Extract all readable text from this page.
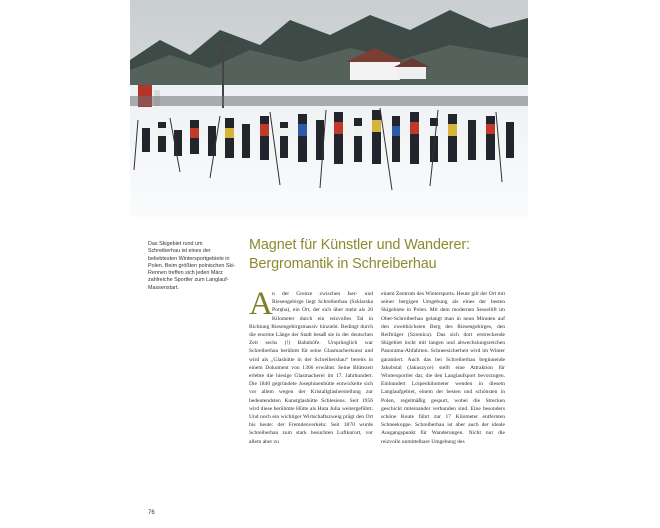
Das Skigebiet rund um Schreiberhau ist eines der beliebtesten Wintersportgebiete in Polen. Beim größten polnischen Ski-Rennen treffen sich jeden März zahlreiche Sportler zum Langlauf-Massenstart.
Magnet für Künstler und Wanderer:
Bergromantik in Schreiberhau
A n der Grenze zwischen Iser- und Riesengebirge liegt Schreiberhau (Szklarska Poręba), ein Ort, der sich über mehr als 20 Kilometer durch ein reizvolles Tal in Richtung Riesengebirgsmassiv hinzieht. Bedingt durch die enorme Länge der Stadt besaß sie in der deutschen Zeit sechs (!) Bahnhöfe. Ursprünglich war Schreiberhau berühmt für seine Glasmacherkunst und wird als „Glashütte in der Schreibershau“ bereits in einem Dokument von 1366 erwähnt. Seine Blütezeit erlebte die hiesige Glasmacherei im 17. Jahrhundert. Die 1840 gegründete Josephinenhütte entwickelte sich vor allem wegen der Kristallglasherstellung zur bedeutendsten Kunstglashütte Schlesiens. Seit 1956 wird diese berühmte Hütte als Huta Julia weitergeführt. Und noch ein wichtiger Wirtschaftszweig prägt den Ort bis heute: der Fremdenverkehr. Seit 1870 wurde Schreiberhau zum stark besuchten Luftkurort, vor allem aber zu
einem Zentrum des Wintersports. Heute gilt der Ort mit seiner bergigen Umgebung als eines der besten Skigebiete in Polen. Mit dem modernen Sessellift im Ober-Schreiberhau gelangt man in neun Minuten auf den zweithöchsten Berg des Riesengebirges, den Reifträger (Szrenica). Das sich dort erstreckende Skigebiet lockt mit langen und abwechslungsreichen Panorama-Abfahrten. Schneesicherheit wird im Winter garantiert. Auch das bei Schreiberhau beginnende Jakobstal (Jakuszyce) stellt eine Attraktion für Wintersportler dar, die den Langlaufsport bevorzugen. Einhundert Loipenkilometer wenden in diesem Langlaufgebiet, einem der besten und schönsten in Polen, regelmäßig gespurt, wobei die Strecken geschickt miteinander verbunden sind. Eine besonders schöne Route führt zur 17 Kilometer entfernten Schneekoppe. Schreiberhau ist aber auch der ideale Ausgangspunkt für Wanderungen. Nicht nur die reizvolle unmittelbare Umgebung des
76
